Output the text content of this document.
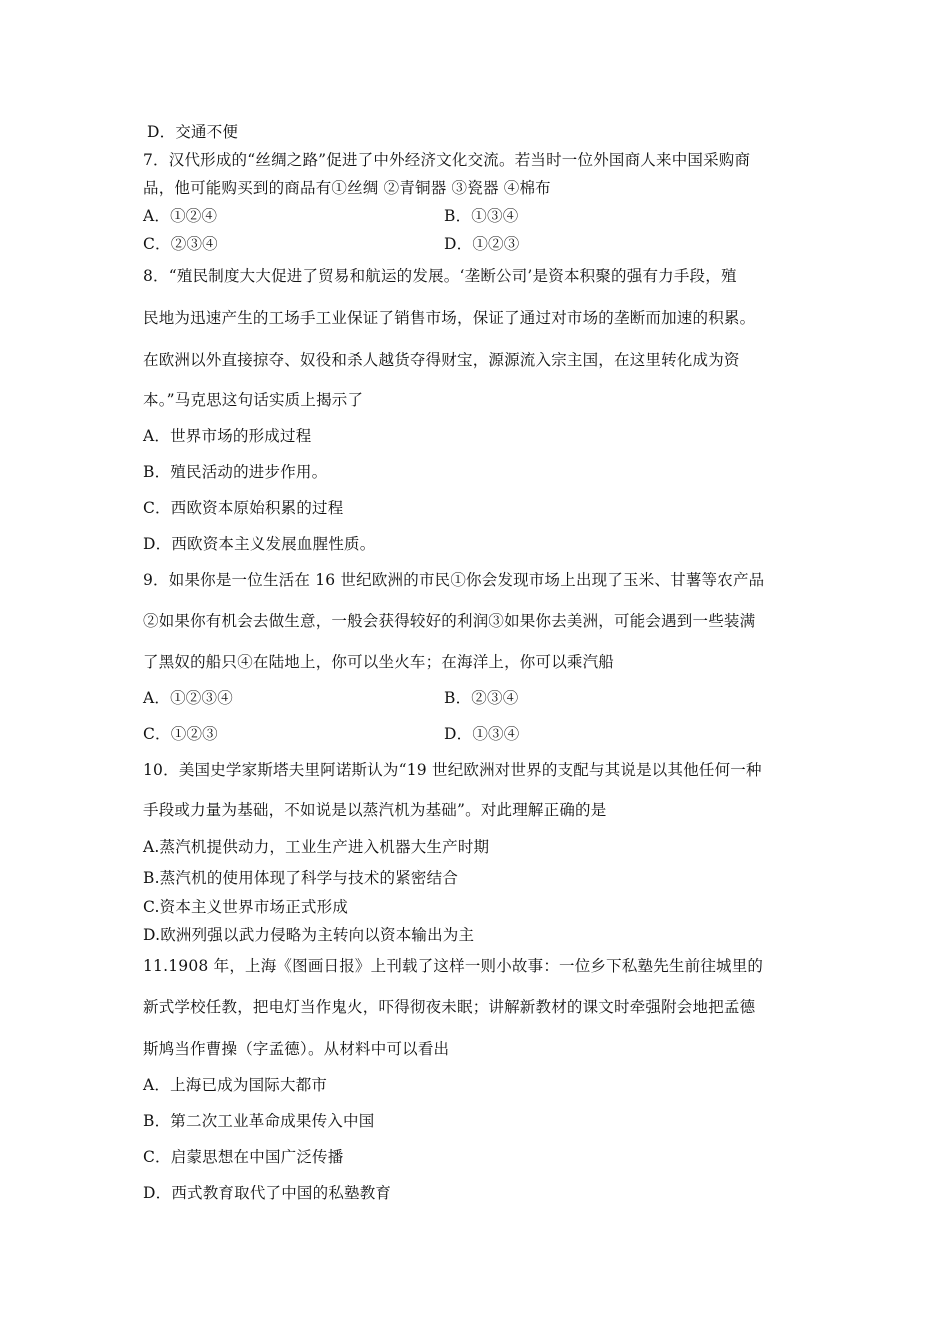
D．交通不便
7．汉代形成的“丝绸之路”促进了中外经济文化交流。若当时一位外国商人来中国采购商
品，他可能购买到的商品有①丝绸 ②青铜器 ③瓷器 ④棉布
A．①②④	B．①③④
C．②③④	D．①②③
8．“殖民制度大大促进了贸易和航运的发展。‘垄断公司’是资本积聚的强有力手段，殖
民地为迅速产生的工场手工业保证了销售市场，保证了通过对市场的垄断而加速的积累。
在欧洲以外直接掠夺、奴役和杀人越货夺得财宝，源源流入宗主国，在这里转化成为资
本。”马克思这句话实质上揭示了
A．世界市场的形成过程
B．殖民活动的进步作用。
C．西欧资本原始积累的过程
D．西欧资本主义发展血腥性质。
9．如果你是一位生活在 16 世纪欧洲的市民①你会发现市场上出现了玉米、甘薯等农产品
②如果你有机会去做生意，一般会获得较好的利润③如果你去美洲，可能会遇到一些装满
了黑奴的船只④在陆地上，你可以坐火车；在海洋上，你可以乘汽船
A．①②③④	B．②③④
C．①②③	D．①③④
10．美国史学家斯塔夫里阿诺斯认为“19 世纪欧洲对世界的支配与其说是以其他任何一种
手段或力量为基础，不如说是以蒸汽机为基础”。对此理解正确的是
A.蒸汽机提供动力，工业生产进入机器大生产时期
B.蒸汽机的使用体现了科学与技术的紧密结合
C.资本主义世界市场正式形成
D.欧洲列强以武力侵略为主转向以资本输出为主
11.1908 年，上海《图画日报》上刊载了这样一则小故事：一位乡下私塾先生前往城里的
新式学校任教，把电灯当作鬼火，吓得彻夜未眠；讲解新教材的课文时牵强附会地把孟德
斯鸠当作曹操（字孟德）。从材料中可以看出
A．上海已成为国际大都市
B．第二次工业革命成果传入中国
C．启蒙思想在中国广泛传播
D．西式教育取代了中国的私塾教育
